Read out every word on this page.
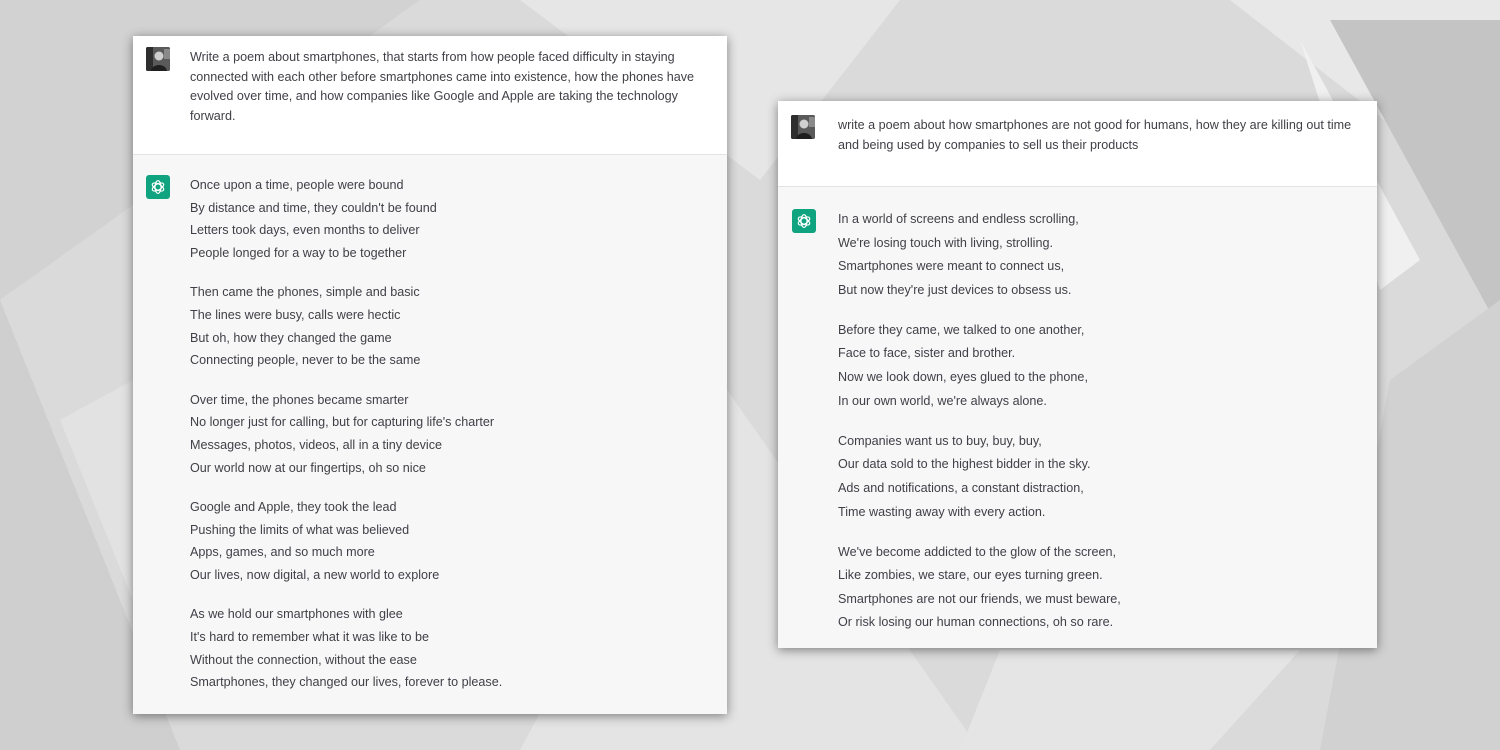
Write a poem about smartphones, that starts from how people faced difficulty in staying connected with each other before smartphones came into existence, how the phones have evolved over time, and how companies like Google and Apple are taking the technology forward.
Once upon a time, people were bound
By distance and time, they couldn't be found
Letters took days, even months to deliver
People longed for a way to be together
Then came the phones, simple and basic
The lines were busy, calls were hectic
But oh, how they changed the game
Connecting people, never to be the same
Over time, the phones became smarter
No longer just for calling, but for capturing life's charter
Messages, photos, videos, all in a tiny device
Our world now at our fingertips, oh so nice
Google and Apple, they took the lead
Pushing the limits of what was believed
Apps, games, and so much more
Our lives, now digital, a new world to explore
As we hold our smartphones with glee
It's hard to remember what it was like to be
Without the connection, without the ease
Smartphones, they changed our lives, forever to please.
write a poem about how smartphones are not good for humans, how they are killing out time and being used by companies to sell us their products
In a world of screens and endless scrolling,
We're losing touch with living, strolling.
Smartphones were meant to connect us,
But now they're just devices to obsess us.
Before they came, we talked to one another,
Face to face, sister and brother.
Now we look down, eyes glued to the phone,
In our own world, we're always alone.
Companies want us to buy, buy, buy,
Our data sold to the highest bidder in the sky.
Ads and notifications, a constant distraction,
Time wasting away with every action.
We've become addicted to the glow of the screen,
Like zombies, we stare, our eyes turning green.
Smartphones are not our friends, we must beware,
Or risk losing our human connections, oh so rare.
